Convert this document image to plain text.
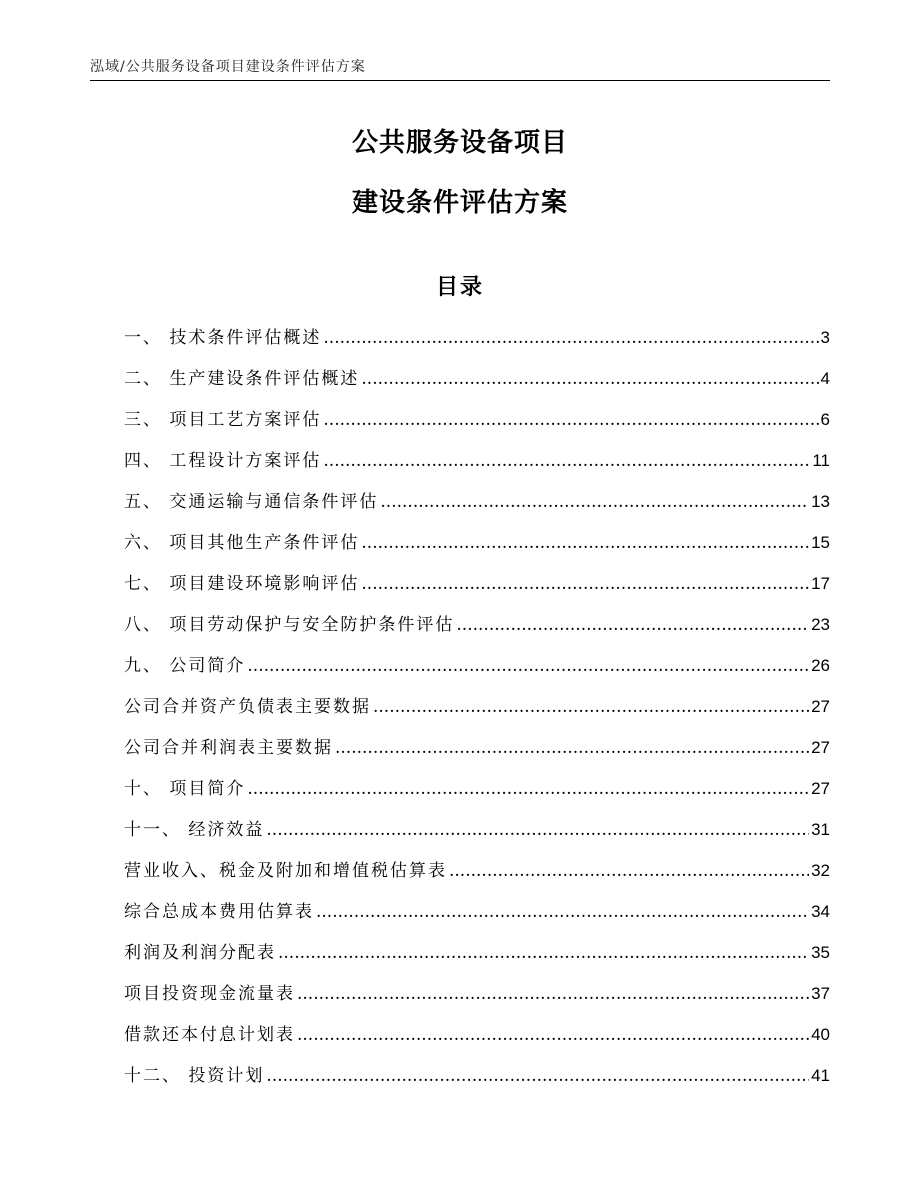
泓域/公共服务设备项目建设条件评估方案
公共服务设备项目
建设条件评估方案
目录
一、 技术条件评估概述 .....	3
二、 生产建设条件评估概述 .....	4
三、 项目工艺方案评估 .....	6
四、 工程设计方案评估 .....	11
五、 交通运输与通信条件评估 .....	13
六、 项目其他生产条件评估 .....	15
七、 项目建设环境影响评估 .....	17
八、 项目劳动保护与安全防护条件评估 .....	23
九、 公司简介 .....	26
公司合并资产负债表主要数据 .....	27
公司合并利润表主要数据 .....	27
十、 项目简介 .....	27
十一、 经济效益 .....	31
营业收入、税金及附加和增值税估算表 .....	32
综合总成本费用估算表 .....	34
利润及利润分配表 .....	35
项目投资现金流量表 .....	37
借款还本付息计划表 .....	40
十二、 投资计划 .....	41
